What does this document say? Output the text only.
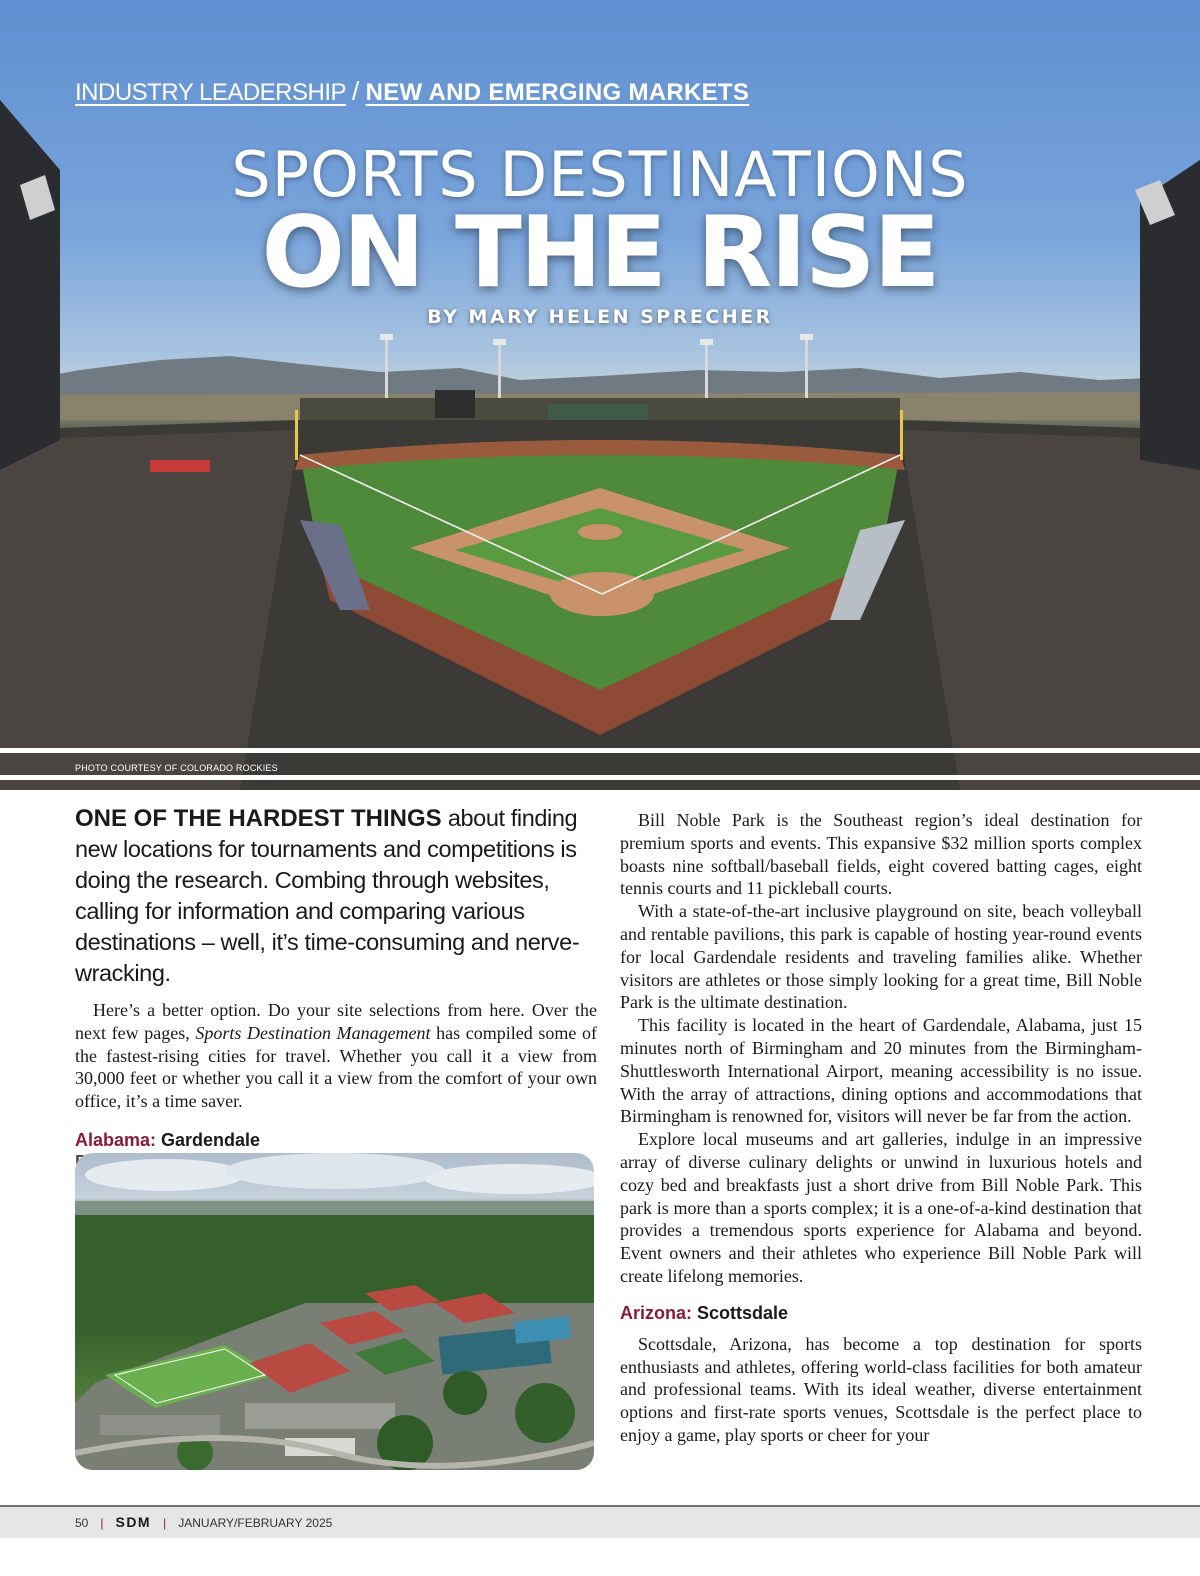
INDUSTRY LEADERSHIP / NEW AND EMERGING MARKETS
SPORTS DESTINATIONS
ON THE RISE
BY MARY HELEN SPRECHER
PHOTO COURTESY OF COLORADO ROCKIES

ONE OF THE HARDEST THINGS about finding new locations for tournaments and competitions is doing the research. Combing through websites, calling for information and comparing various destinations – well, it’s time-consuming and nerve-wracking.

Here’s a better option. Do your site selections from here. Over the next few pages, Sports Destination Management has compiled some of the fastest-rising cities for travel. Whether you call it a view from 30,000 feet or whether you call it a view from the comfort of your own office, it’s a time saver.

Alabama: Gardendale

Bill Noble Park is the Southeast region’s ideal destination for premium sports and events. This expansive $32 million sports complex boasts nine softball/baseball fields, eight covered batting cages, eight tennis courts and 11 pickleball courts.

With a state-of-the-art inclusive playground on site, beach volleyball and rentable pavilions, this park is capable of hosting year-round events for local Gardendale residents and traveling families alike. Whether visitors are athletes or those simply looking for a great time, Bill Noble Park is the ultimate destination.

This facility is located in the heart of Gardendale, Alabama, just 15 minutes north of Birmingham and 20 minutes from the Birmingham-Shuttlesworth International Airport, meaning accessibility is no issue. With the array of attractions, dining options and accommodations that Birmingham is renowned for, visitors will never be far from the action.

Explore local museums and art galleries, indulge in an impressive array of diverse culinary delights or unwind in luxurious hotels and cozy bed and breakfasts just a short drive from Bill Noble Park. This park is more than a sports complex; it is a one-of-a-kind destination that provides a tremendous sports experience for Alabama and beyond. Event owners and their athletes who experience Bill Noble Park will create lifelong memories.

Arizona: Scottsdale

Scottsdale, Arizona, has become a top destination for sports enthusiasts and athletes, offering world-class facilities for both amateur and professional teams. With its ideal weather, diverse entertainment options and first-rate sports venues, Scottsdale is the perfect place to enjoy a game, play sports or cheer for your

50 | SDM | JANUARY/FEBRUARY 2025
